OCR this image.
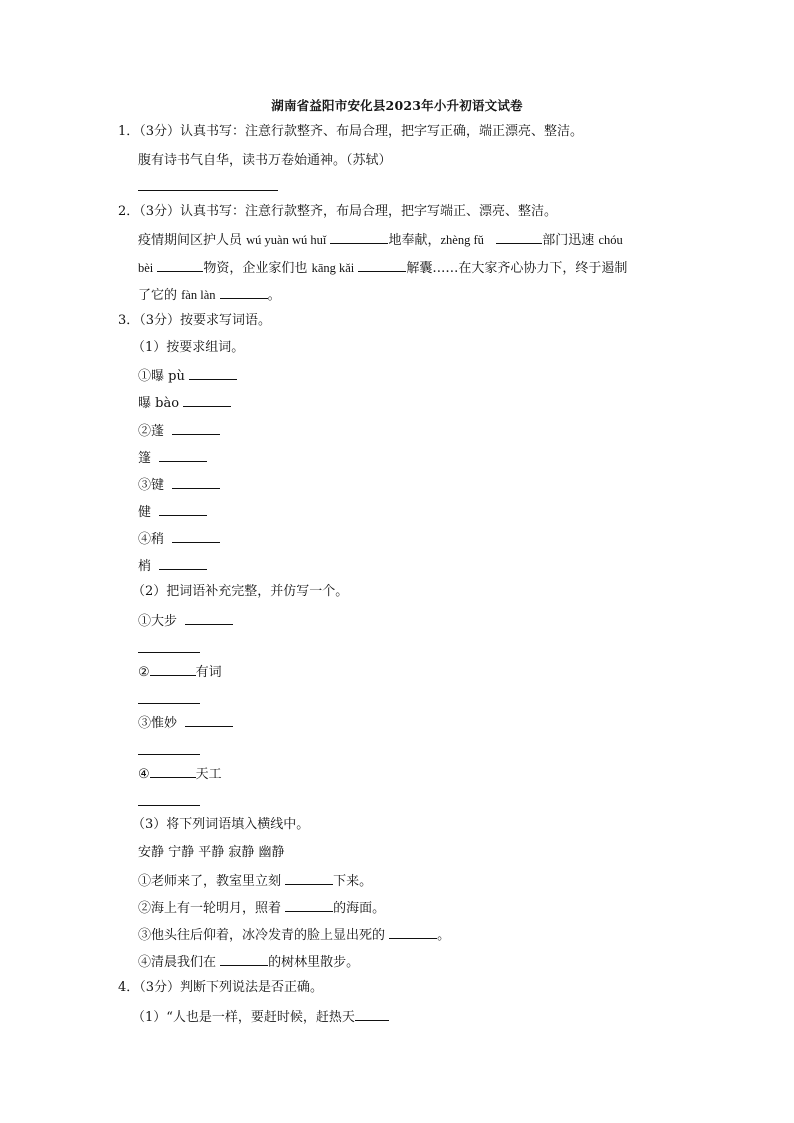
湖南省益阳市安化县2023年小升初语文试卷
1．（3分）认真书写：注意行款整齐、布局合理，把字写正确，端正漂亮、整洁。
腹有诗书气自华，读书万卷始通神。（苏轼）
2．（3分）认真书写：注意行款整齐，布局合理，把字写端正、漂亮、整洁。
疫情期间区护人员 wú yuàn wú huǐ	地奉献，zhèng fǔ	部门迅速 chóu
bèi	物资，企业家们也 kāng kǎi	解囊……在大家齐心协力下，终于遏制
了它的 fàn làn	。
3．（3分）按要求写词语。
（1）按要求组词。
①曝 pù
曝 bào
②蓬
篷
③键
健
④稍
梢
（2）把词语补充完整，并仿写一个。
①大步
②	有词
③惟妙
④	天工
（3）将下列词语填入横线中。
安静 宁静 平静 寂静 幽静
①老师来了，教室里立刻	下来。
②海上有一轮明月，照着	的海面。
③他头往后仰着，冰冷发青的脸上显出死的	。
④清晨我们在	的树林里散步。
4．（3分）判断下列说法是否正确。
（1）“人也是一样，要赶时候，赶热天
